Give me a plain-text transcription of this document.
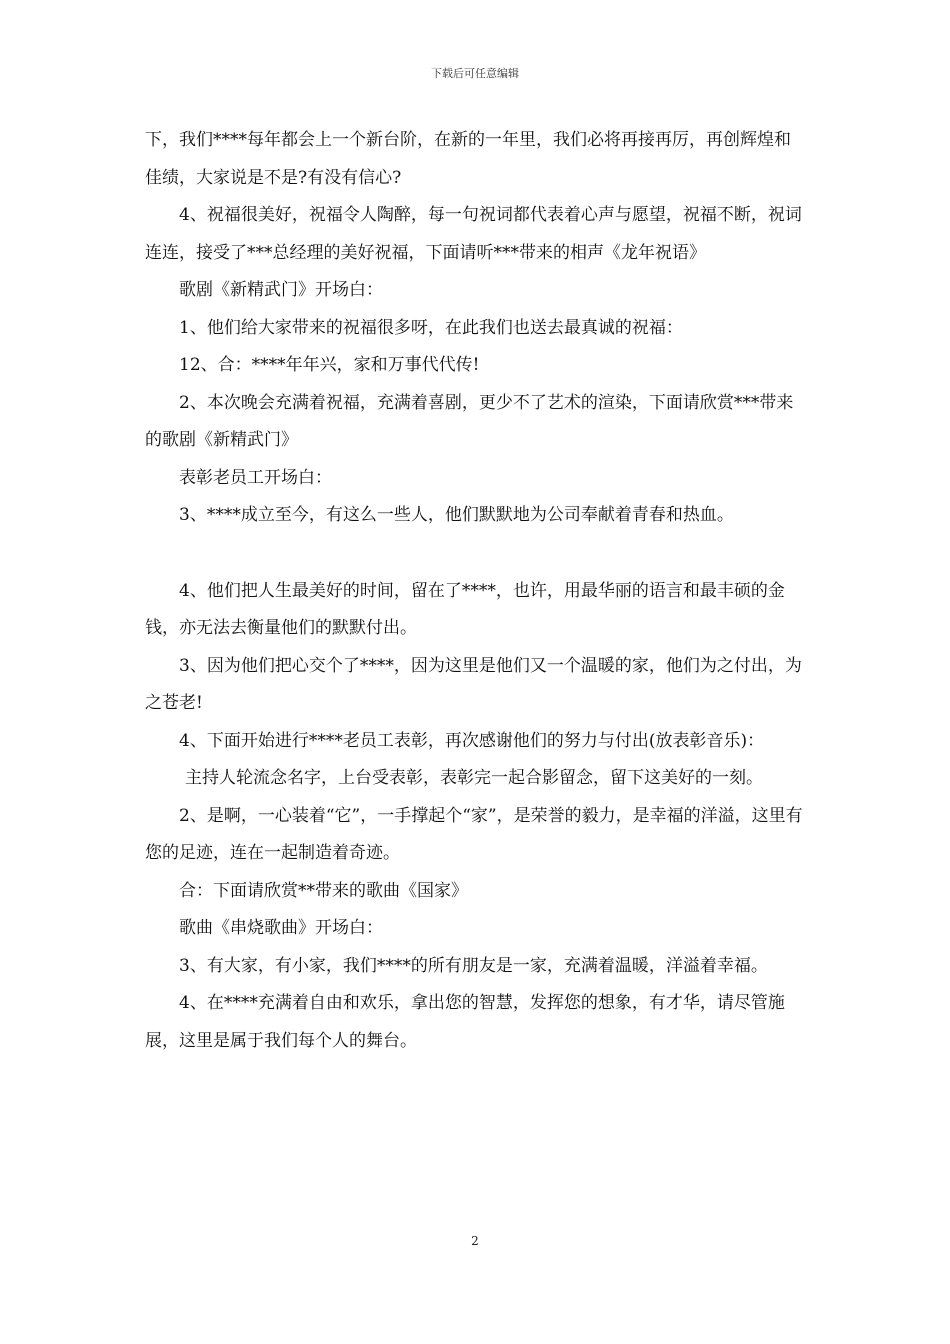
下载后可任意编辑

下，我们****每年都会上一个新台阶，在新的一年里，我们必将再接再厉，再创辉煌和佳绩，大家说是不是?有没有信心?

4、祝福很美好，祝福令人陶醉，每一句祝词都代表着心声与愿望，祝福不断，祝词连连，接受了***总经理的美好祝福，下面请听***带来的相声《龙年祝语》

歌剧《新精武门》开场白：

1、他们给大家带来的祝福很多呀，在此我们也送去最真诚的祝福：

12、合：****年年兴，家和万事代代传!

2、本次晚会充满着祝福，充满着喜剧，更少不了艺术的渲染，下面请欣赏***带来的歌剧《新精武门》

表彰老员工开场白：

3、****成立至今，有这么一些人，他们默默地为公司奉献着青春和热血。

4、他们把人生最美好的时间，留在了****，也许，用最华丽的语言和最丰硕的金钱，亦无法去衡量他们的默默付出。

3、因为他们把心交个了****，因为这里是他们又一个温暖的家，他们为之付出，为之苍老!

4、下面开始进行****老员工表彰，再次感谢他们的努力与付出(放表彰音乐)：

主持人轮流念名字，上台受表彰，表彰完一起合影留念，留下这美好的一刻。

2、是啊，一心装着“它”，一手撑起个“家”，是荣誉的毅力，是幸福的洋溢，这里有您的足迹，连在一起制造着奇迹。

合：下面请欣赏**带来的歌曲《国家》

歌曲《串烧歌曲》开场白：

3、有大家，有小家，我们****的所有朋友是一家，充满着温暖，洋溢着幸福。

4、在****充满着自由和欢乐，拿出您的智慧，发挥您的想象，有才华，请尽管施展，这里是属于我们每个人的舞台。

2
